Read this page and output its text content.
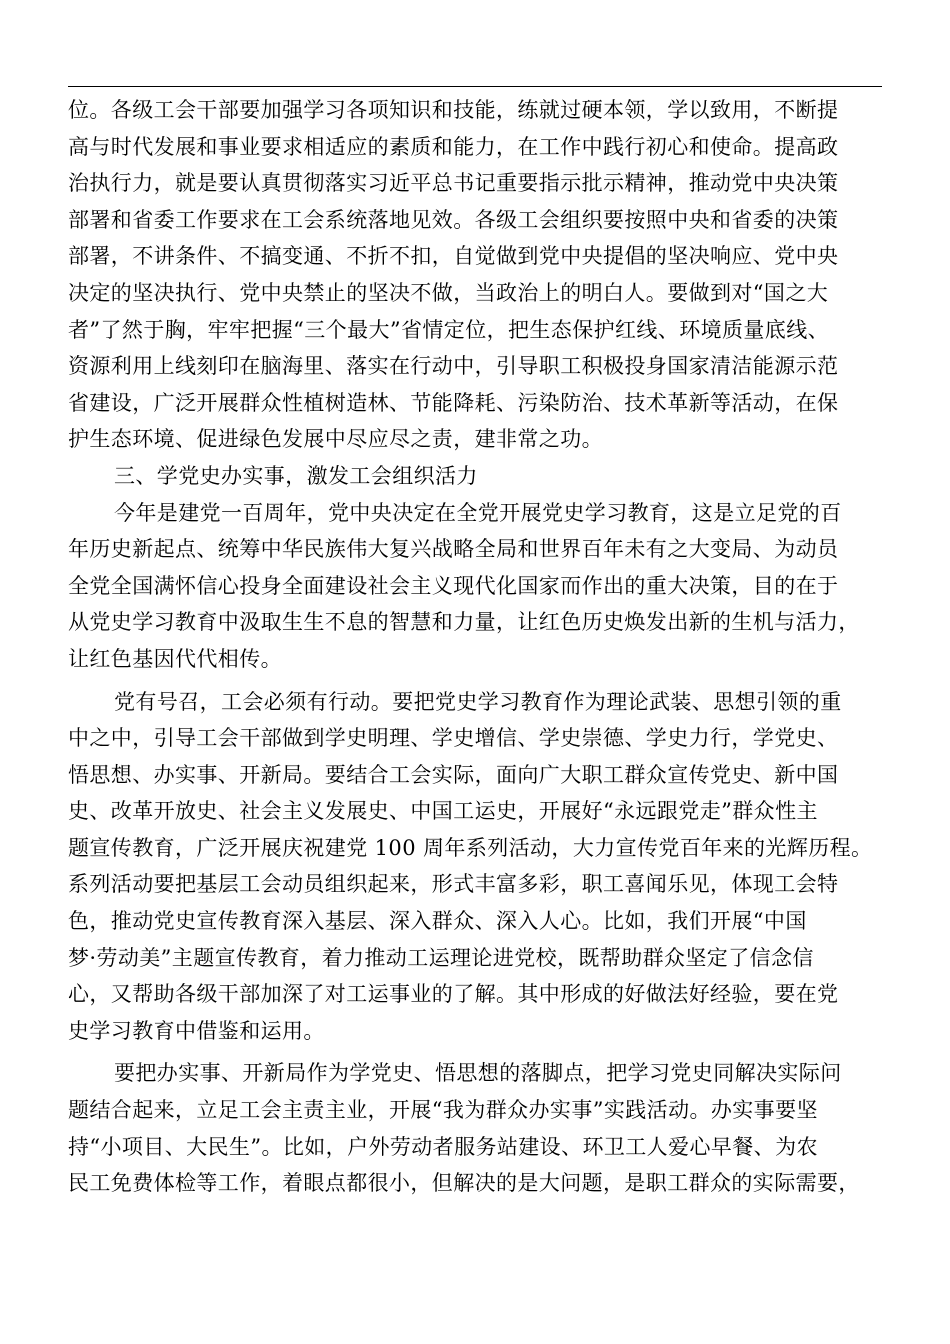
位。各级工会干部要加强学习各项知识和技能，练就过硬本领，学以致用，不断提
高与时代发展和事业要求相适应的素质和能力，在工作中践行初心和使命。提高政
治执行力，就是要认真贯彻落实习近平总书记重要指示批示精神，推动党中央决策
部署和省委工作要求在工会系统落地见效。各级工会组织要按照中央和省委的决策
部署，不讲条件、不搞变通、不折不扣，自觉做到党中央提倡的坚决响应、党中央
决定的坚决执行、党中央禁止的坚决不做，当政治上的明白人。要做到对“国之大
者”了然于胸，牢牢把握“三个最大”省情定位，把生态保护红线、环境质量底线、
资源利用上线刻印在脑海里、落实在行动中，引导职工积极投身国家清洁能源示范
省建设，广泛开展群众性植树造林、节能降耗、污染防治、技术革新等活动，在保
护生态环境、促进绿色发展中尽应尽之责，建非常之功。
三、学党史办实事，激发工会组织活力
今年是建党一百周年，党中央决定在全党开展党史学习教育，这是立足党的百
年历史新起点、统筹中华民族伟大复兴战略全局和世界百年未有之大变局、为动员
全党全国满怀信心投身全面建设社会主义现代化国家而作出的重大决策，目的在于
从党史学习教育中汲取生生不息的智慧和力量，让红色历史焕发出新的生机与活力，
让红色基因代代相传。
党有号召，工会必须有行动。要把党史学习教育作为理论武装、思想引领的重
中之中，引导工会干部做到学史明理、学史增信、学史崇德、学史力行，学党史、
悟思想、办实事、开新局。要结合工会实际，面向广大职工群众宣传党史、新中国
史、改革开放史、社会主义发展史、中国工运史，开展好“永远跟党走”群众性主
题宣传教育，广泛开展庆祝建党 100 周年系列活动，大力宣传党百年来的光辉历程。
系列活动要把基层工会动员组织起来，形式丰富多彩，职工喜闻乐见，体现工会特
色，推动党史宣传教育深入基层、深入群众、深入人心。比如，我们开展“中国
梦·劳动美”主题宣传教育，着力推动工运理论进党校，既帮助群众坚定了信念信
心，又帮助各级干部加深了对工运事业的了解。其中形成的好做法好经验，要在党
史学习教育中借鉴和运用。
要把办实事、开新局作为学党史、悟思想的落脚点，把学习党史同解决实际问
题结合起来，立足工会主责主业，开展“我为群众办实事”实践活动。办实事要坚
持“小项目、大民生”。比如，户外劳动者服务站建设、环卫工人爱心早餐、为农
民工免费体检等工作，着眼点都很小，但解决的是大问题，是职工群众的实际需要，
